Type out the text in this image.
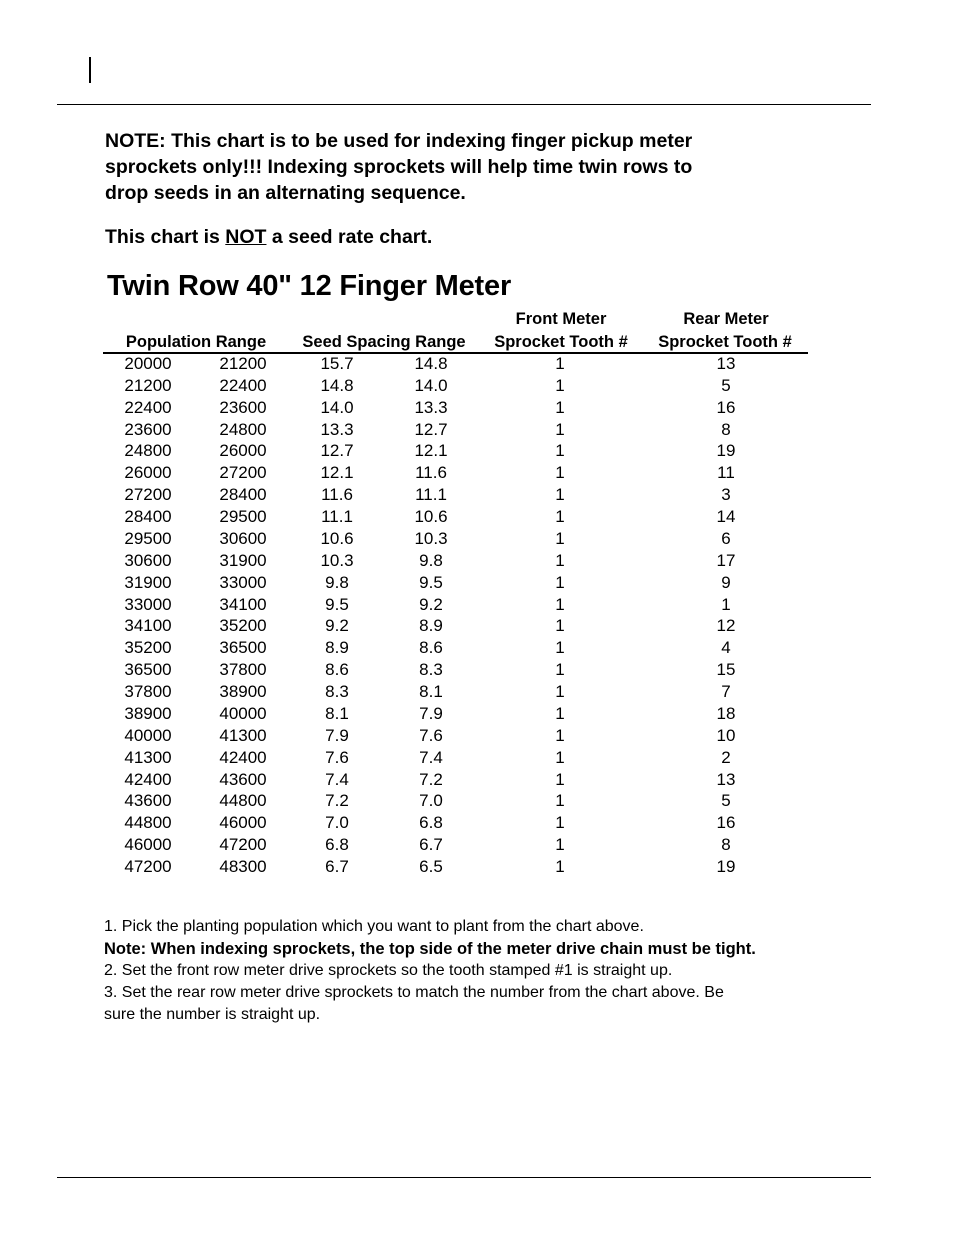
NOTE: This chart is to be used for indexing finger pickup meter
sprockets only!!! Indexing sprockets will help time twin rows to
drop seeds in an alternating sequence.

This chart is NOT a seed rate chart.

Twin Row 40" 12 Finger Meter
Front Meter	Rear Meter
Population Range	Seed Spacing Range	Sprocket Tooth #	Sprocket Tooth #
20000	21200	15.7	14.8	1	13
21200	22400	14.8	14.0	1	5
22400	23600	14.0	13.3	1	16
23600	24800	13.3	12.7	1	8
24800	26000	12.7	12.1	1	19
26000	27200	12.1	11.6	1	11
27200	28400	11.6	11.1	1	3
28400	29500	11.1	10.6	1	14
29500	30600	10.6	10.3	1	6
30600	31900	10.3	9.8	1	17
31900	33000	9.8	9.5	1	9
33000	34100	9.5	9.2	1	1
34100	35200	9.2	8.9	1	12
35200	36500	8.9	8.6	1	4
36500	37800	8.6	8.3	1	15
37800	38900	8.3	8.1	1	7
38900	40000	8.1	7.9	1	18
40000	41300	7.9	7.6	1	10
41300	42400	7.6	7.4	1	2
42400	43600	7.4	7.2	1	13
43600	44800	7.2	7.0	1	5
44800	46000	7.0	6.8	1	16
46000	47200	6.8	6.7	1	8
47200	48300	6.7	6.5	1	19

1. Pick the planting population which you want to plant from the chart above.

Note: When indexing sprockets, the top side of the meter drive chain must be tight.

2. Set the front row meter drive sprockets so the tooth stamped #1 is straight up.

3. Set the rear row meter drive sprockets to match the number from the chart above. Be
sure the number is straight up.
